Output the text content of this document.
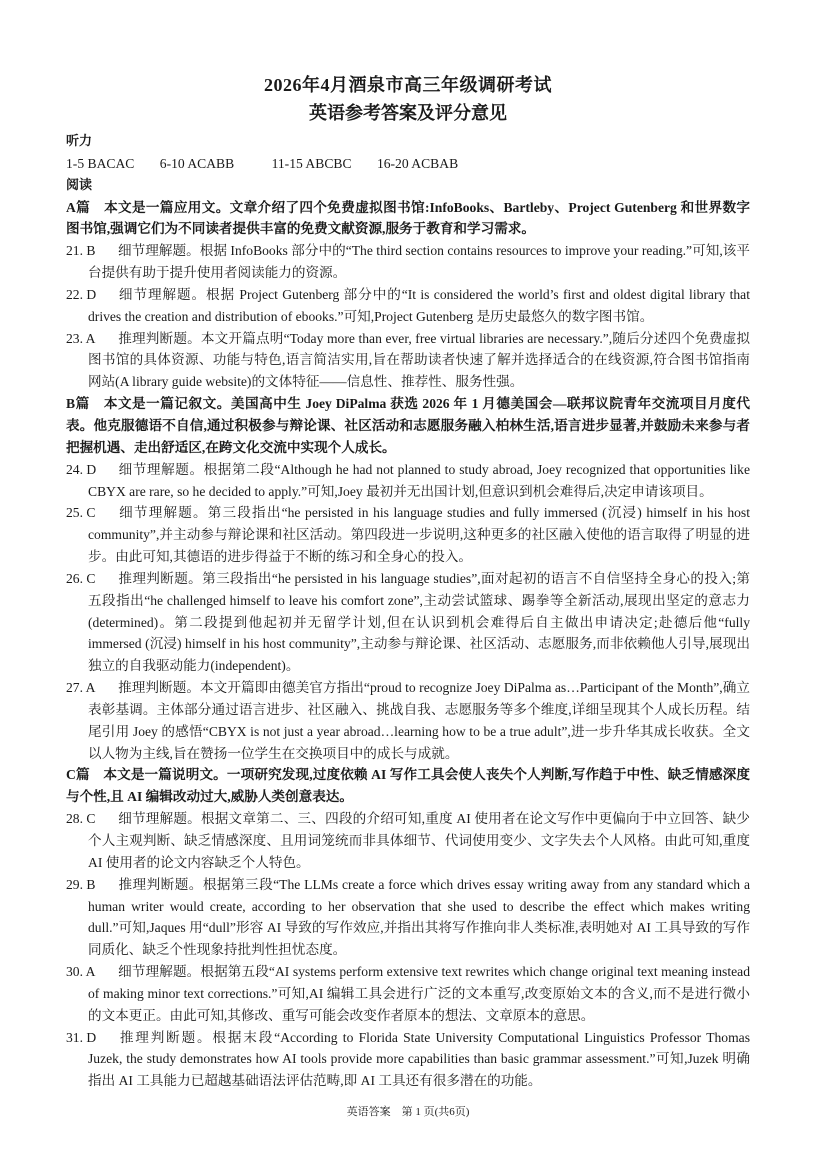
2026年4月酒泉市高三年级调研考试

英语参考答案及评分意见

听力

1-5 BACAC 6-10 ACABB	11-15 ABCBC 16-20 ACBAB

阅读

A篇　本文是一篇应用文。文章介绍了四个免费虚拟图书馆:InfoBooks、Bartleby、Project Gutenberg 和世界数字图书馆,强调它们为不同读者提供丰富的免费文献资源,服务于教育和学习需求。

21. B 细节理解题。根据 InfoBooks 部分中的“The third section contains resources to improve your reading.”可知,该平台提供有助于提升使用者阅读能力的资源。

22. D 细节理解题。根据 Project Gutenberg 部分中的“It is considered the world’s first and oldest digital library that drives the creation and distribution of ebooks.”可知,Project Gutenberg 是历史最悠久的数字图书馆。

23. A 推理判断题。本文开篇点明“Today more than ever, free virtual libraries are necessary.”,随后分述四个免费虚拟图书馆的具体资源、功能与特色,语言简洁实用,旨在帮助读者快速了解并选择适合的在线资源,符合图书馆指南网站(A library guide website)的文体特征——信息性、推荐性、服务性强。

B篇　本文是一篇记叙文。美国高中生 Joey DiPalma 获选 2026 年 1 月德美国会—联邦议院青年交流项目月度代表。他克服德语不自信,通过积极参与辩论课、社区活动和志愿服务融入柏林生活,语言进步显著,并鼓励未来参与者把握机遇、走出舒适区,在跨文化交流中实现个人成长。

24. D 细节理解题。根据第二段“Although he had not planned to study abroad, Joey recognized that opportunities like CBYX are rare, so he decided to apply.”可知,Joey 最初并无出国计划,但意识到机会难得后,决定申请该项目。

25. C 细节理解题。第三段指出“he persisted in his language studies and fully immersed (沉浸) himself in his host community”,并主动参与辩论课和社区活动。第四段进一步说明,这种更多的社区融入使他的语言取得了明显的进步。由此可知,其德语的进步得益于不断的练习和全身心的投入。

26. C 推理判断题。第三段指出“he persisted in his language studies”,面对起初的语言不自信坚持全身心的投入;第五段指出“he challenged himself to leave his comfort zone”,主动尝试篮球、踢拳等全新活动,展现出坚定的意志力(determined)。第二段提到他起初并无留学计划,但在认识到机会难得后自主做出申请决定;赴德后他“fully immersed (沉浸) himself in his host community”,主动参与辩论课、社区活动、志愿服务,而非依赖他人引导,展现出独立的自我驱动能力(independent)。

27. A 推理判断题。本文开篇即由德美官方指出“proud to recognize Joey DiPalma as…Participant of the Month”,确立表彰基调。主体部分通过语言进步、社区融入、挑战自我、志愿服务等多个维度,详细呈现其个人成长历程。结尾引用 Joey 的感悟“CBYX is not just a year abroad…learning how to be a true adult”,进一步升华其成长收获。全文以人物为主线,旨在赞扬一位学生在交换项目中的成长与成就。

C篇　本文是一篇说明文。一项研究发现,过度依赖 AI 写作工具会使人丧失个人判断,写作趋于中性、缺乏情感深度与个性,且 AI 编辑改动过大,威胁人类创意表达。

28. C 细节理解题。根据文章第二、三、四段的介绍可知,重度 AI 使用者在论文写作中更偏向于中立回答、缺少个人主观判断、缺乏情感深度、且用词笼统而非具体细节、代词使用变少、文字失去个人风格。由此可知,重度 AI 使用者的论文内容缺乏个人特色。

29. B 推理判断题。根据第三段“The LLMs create a force which drives essay writing away from any standard which a human writer would create, according to her observation that she used to describe the effect which makes writing dull.”可知,Jaques 用“dull”形容 AI 导致的写作效应,并指出其将写作推向非人类标准,表明她对 AI 工具导致的写作同质化、缺乏个性现象持批判性担忧态度。

30. A 细节理解题。根据第五段“AI systems perform extensive text rewrites which change original text meaning instead of making minor text corrections.”可知,AI 编辑工具会进行广泛的文本重写,改变原始文本的含义,而不是进行微小的文本更正。由此可知,其修改、重写可能会改变作者原本的想法、文章原本的意思。

31. D 推理判断题。根据末段“According to Florida State University Computational Linguistics Professor Thomas Juzek, the study demonstrates how AI tools provide more capabilities than basic grammar assessment.”可知,Juzek 明确指出 AI 工具能力已超越基础语法评估范畴,即 AI 工具还有很多潜在的功能。

英语答案　第 1 页(共6页)
